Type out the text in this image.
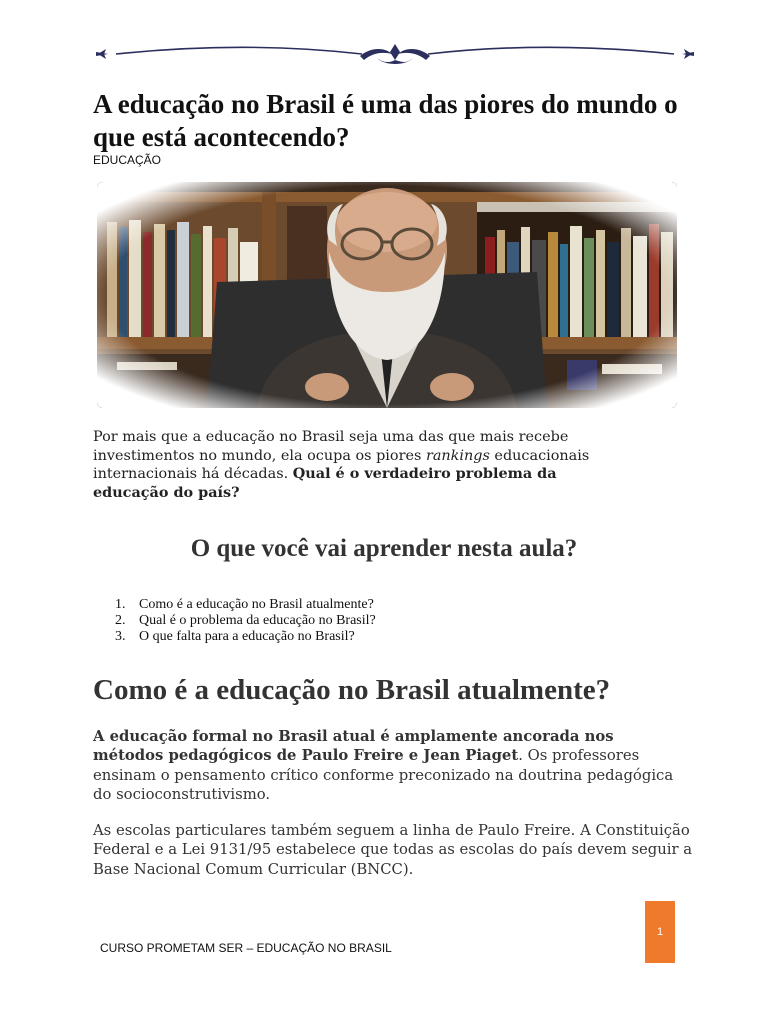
A educação no Brasil é uma das piores do mundo o que está acontecendo?

EDUCAÇÃO

Por mais que a educação no Brasil seja uma das que mais recebe investimentos no mundo, ela ocupa os piores rankings educacionais internacionais há décadas. Qual é o verdadeiro problema da educação do país?

O que você vai aprender nesta aula?
1. Como é a educação no Brasil atualmente?
2. Qual é o problema da educação no Brasil?
3. O que falta para a educação no Brasil?
Como é a educação no Brasil atualmente?

A educação formal no Brasil atual é amplamente ancorada nos métodos pedagógicos de Paulo Freire e Jean Piaget. Os professores ensinam o pensamento crítico conforme preconizado na doutrina pedagógica do socioconstrutivismo.

As escolas particulares também seguem a linha de Paulo Freire. A Constituição Federal e a Lei 9131/95 estabelece que todas as escolas do país devem seguir a Base Nacional Comum Curricular (BNCC).

CURSO PROMETAM SER – EDUCAÇÃO NO BRASIL

1
